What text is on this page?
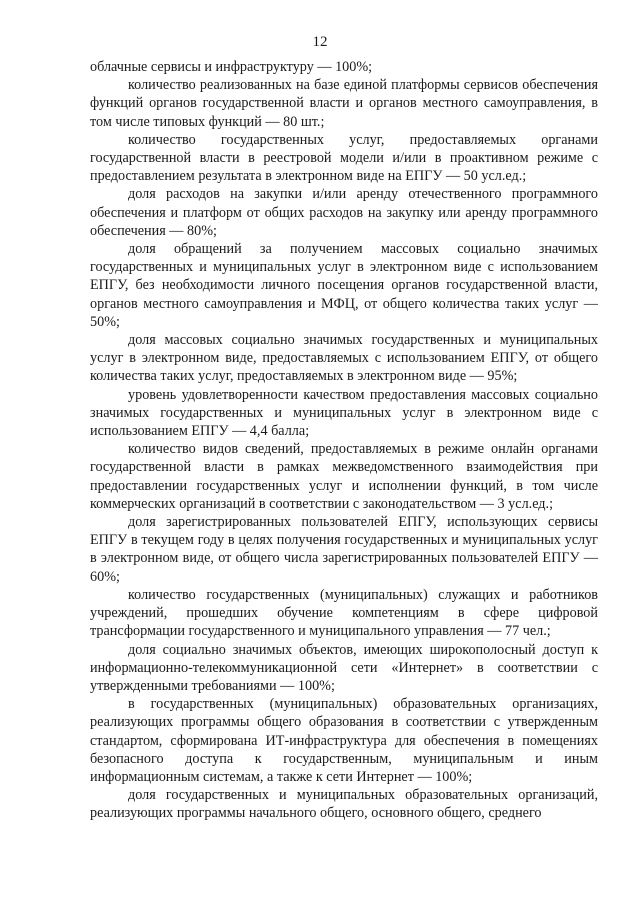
12

облачные сервисы и инфраструктуру — 100%;

количество реализованных на базе единой платформы сервисов обеспечения функций органов государственной власти и органов местного самоуправления, в том числе типовых функций — 80 шт.;

количество государственных услуг, предоставляемых органами государственной власти в реестровой модели и/или в проактивном режиме с предоставлением результата в электронном виде на ЕПГУ — 50 усл.ед.;

доля расходов на закупки и/или аренду отечественного программного обеспечения и платформ от общих расходов на закупку или аренду программного обеспечения — 80%;

доля обращений за получением массовых социально значимых государственных и муниципальных услуг в электронном виде с использованием ЕПГУ, без необходимости личного посещения органов государственной власти, органов местного самоуправления и МФЦ, от общего количества таких услуг — 50%;

доля массовых социально значимых государственных и муниципальных услуг в электронном виде, предоставляемых с использованием ЕПГУ, от общего количества таких услуг, предоставляемых в электронном виде — 95%;

уровень удовлетворенности качеством предоставления массовых социально значимых государственных и муниципальных услуг в электронном виде с использованием ЕПГУ — 4,4 балла;

количество видов сведений, предоставляемых в режиме онлайн органами государственной власти в рамках межведомственного взаимодействия при предоставлении государственных услуг и исполнении функций, в том числе коммерческих организаций в соответствии с законодательством — 3 усл.ед.;

доля зарегистрированных пользователей ЕПГУ, использующих сервисы ЕПГУ в текущем году в целях получения государственных и муниципальных услуг в электронном виде, от общего числа зарегистрированных пользователей ЕПГУ — 60%;

количество государственных (муниципальных) служащих и работников учреждений, прошедших обучение компетенциям в сфере цифровой трансформации государственного и муниципального управления — 77 чел.;

доля социально значимых объектов, имеющих широкополосный доступ к информационно-телекоммуникационной сети «Интернет» в соответствии с утвержденными требованиями — 100%;

в государственных (муниципальных) образовательных организациях, реализующих программы общего образования в соответствии с утвержденным стандартом, сформирована ИТ-инфраструктура для обеспечения в помещениях безопасного доступа к государственным, муниципальным и иным информационным системам, а также к сети Интернет — 100%;

доля государственных и муниципальных образовательных организаций, реализующих программы начального общего, основного общего, среднего
